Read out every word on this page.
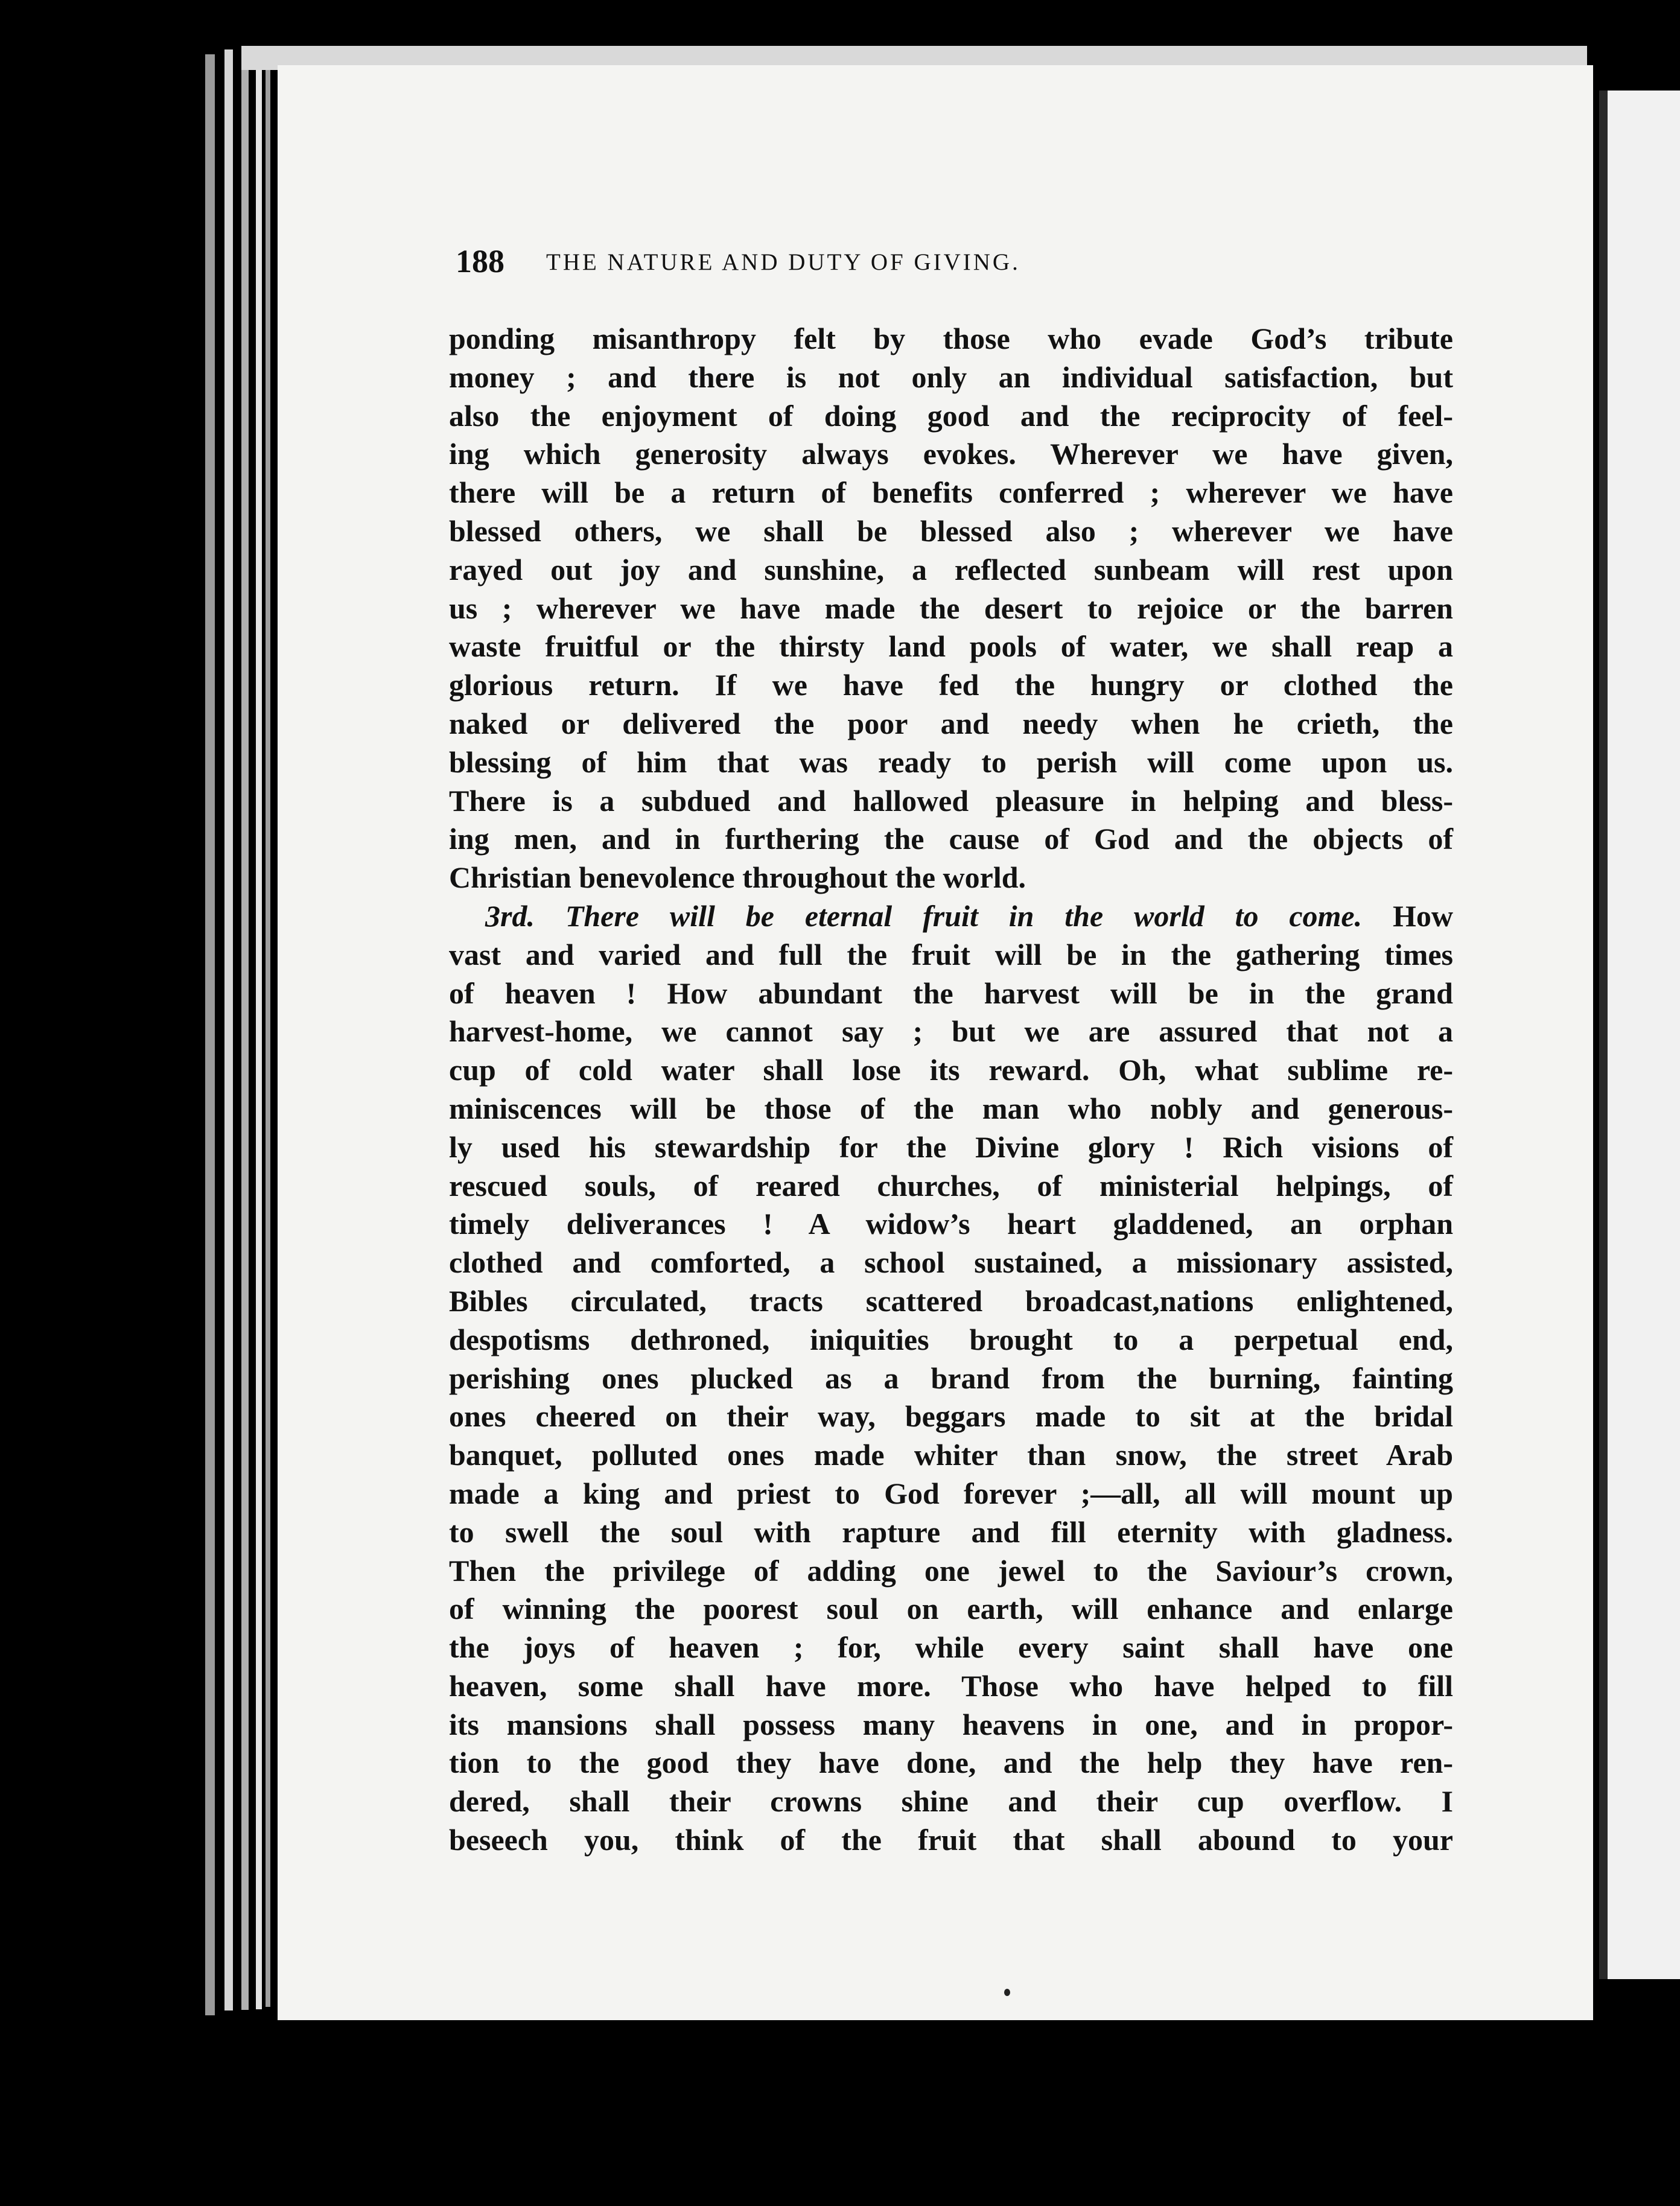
188 THE NATURE AND DUTY OF GIVING.
ponding misanthropy felt by those who evade God’s tribute
money ; and there is not only an individual satisfaction, but
also the enjoyment of doing good and the reciprocity of feel-
ing which generosity always evokes. Wherever we have given,
there will be a return of benefits conferred ; wherever we have
blessed others, we shall be blessed also ; wherever we have
rayed out joy and sunshine, a reflected sunbeam will rest upon
us ; wherever we have made the desert to rejoice or the barren
waste fruitful or the thirsty land pools of water, we shall reap a
glorious return. If we have fed the hungry or clothed the
naked or delivered the poor and needy when he crieth, the
blessing of him that was ready to perish will come upon us.
There is a subdued and hallowed pleasure in helping and bless-
ing men, and in furthering the cause of God and the objects of
Christian benevolence throughout the world.
3rd. There will be eternal fruit in the world to come. How
vast and varied and full the fruit will be in the gathering times
of heaven ! How abundant the harvest will be in the grand
harvest-home, we cannot say ; but we are assured that not a
cup of cold water shall lose its reward. Oh, what sublime re-
miniscences will be those of the man who nobly and generous-
ly used his stewardship for the Divine glory ! Rich visions of
rescued souls, of reared churches, of ministerial helpings, of
timely deliverances ! A widow’s heart gladdened, an orphan
clothed and comforted, a school sustained, a missionary assisted,
Bibles circulated, tracts scattered broadcast,nations enlightened,
despotisms dethroned, iniquities brought to a perpetual end,
perishing ones plucked as a brand from the burning, fainting
ones cheered on their way, beggars made to sit at the bridal
banquet, polluted ones made whiter than snow, the street Arab
made a king and priest to God forever ;—all, all will mount up
to swell the soul with rapture and fill eternity with gladness.
Then the privilege of adding one jewel to the Saviour’s crown,
of winning the poorest soul on earth, will enhance and enlarge
the joys of heaven ; for, while every saint shall have one
heaven, some shall have more. Those who have helped to fill
its mansions shall possess many heavens in one, and in propor-
tion to the good they have done, and the help they have ren-
dered, shall their crowns shine and their cup overflow. I
beseech you, think of the fruit that shall abound to your
